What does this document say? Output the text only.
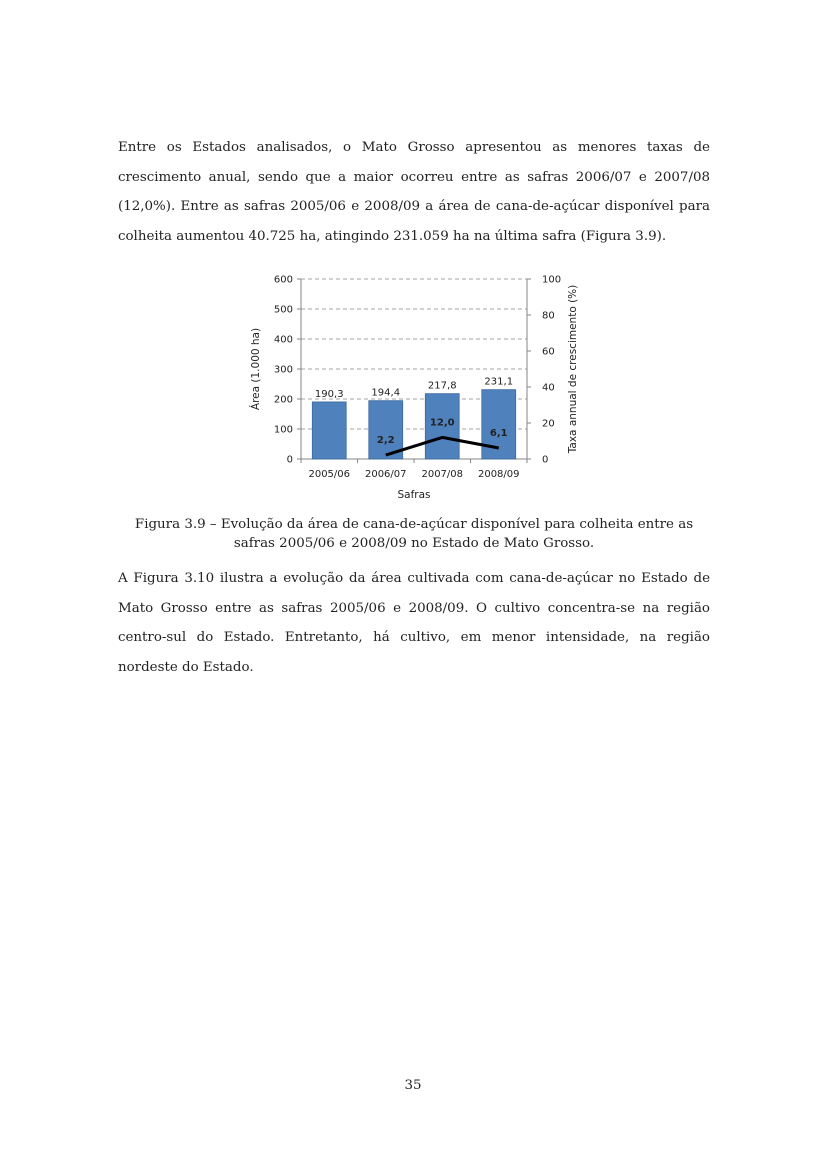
Entre os Estados analisados, o Mato Grosso apresentou as menores taxas de crescimento anual, sendo que a maior ocorreu entre as safras 2006/07 e 2007/08 (12,0%). Entre as safras 2005/06 e 2008/09 a área de cana-de-açúcar disponível para colheita aumentou 40.725 ha, atingindo 231.059 ha na última safra (Figura 3.9).

0
100
200
300
400
500
600
0
20
40
60
80
100
2005/06 2006/07 2007/08 2008/09
190,3	194,4
217,8	231,1
2,2
12,0
6,1
Safras
Área (1.000 ha)	Taxa annual de crescimento (%)

Figura 3.9 – Evolução da área de cana-de-açúcar disponível para colheita entre as safras 2005/06 e 2008/09 no Estado de Mato Grosso.

A Figura 3.10 ilustra a evolução da área cultivada com cana-de-açúcar no Estado de Mato Grosso entre as safras 2005/06 e 2008/09. O cultivo concentra-se na região centro-sul do Estado. Entretanto, há cultivo, em menor intensidade, na região nordeste do Estado.

35
